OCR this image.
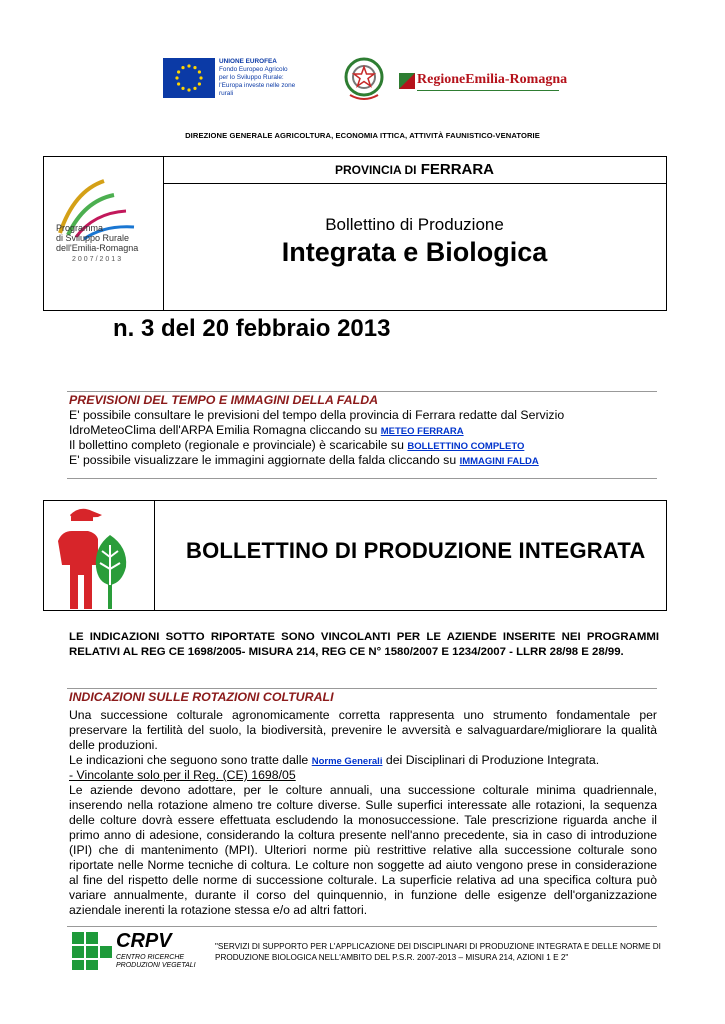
UNIONE EUROFEA
Fondo Europeo Agricolo
per lo Sviluppo Rurale:
l'Europa investe nelle zone rurali
RegioneEmilia-Romagna
DIREZIONE GENERALE AGRICOLTURA, ECONOMIA ITTICA, ATTIVITÀ FAUNISTICO-VENATORIE
Programma
di Sviluppo Rurale
dell'Emilia-Romagna
2007/2013
PROVINCIA DI FERRARA
Bollettino di Produzione
Integrata e Biologica
n. 3 del 20 febbraio 2013
PREVISIONI DEL TEMPO E IMMAGINI DELLA FALDA
E' possibile consultare le previsioni del tempo della provincia di Ferrara redatte dal Servizio
IdroMeteoClima dell'ARPA Emilia Romagna cliccando su METEO FERRARA
Il bollettino completo (regionale e provinciale) è scaricabile su BOLLETTINO COMPLETO
E' possibile visualizzare le immagini aggiornate della falda cliccando su IMMAGINI FALDA
BOLLETTINO DI PRODUZIONE INTEGRATA
LE INDICAZIONI SOTTO RIPORTATE SONO VINCOLANTI PER LE AZIENDE INSERITE NEI PROGRAMMI RELATIVI AL REG CE 1698/2005- MISURA 214, REG CE N° 1580/2007 E 1234/2007 - LLRR 28/98 E 28/99.
INDICAZIONI SULLE ROTAZIONI COLTURALI
Una successione colturale agronomicamente corretta rappresenta uno strumento fondamentale per preservare la fertilità del suolo, la biodiversità, prevenire le avversità e salvaguardare/migliorare la qualità delle produzioni.
Le indicazioni che seguono sono tratte dalle Norme Generali dei Disciplinari di Produzione Integrata.
- Vincolante solo per il Reg. (CE) 1698/05
Le aziende devono adottare, per le colture annuali, una successione colturale minima quadriennale, inserendo nella rotazione almeno tre colture diverse. Sulle superfici interessate alle rotazioni, la sequenza delle colture dovrà essere effettuata escludendo la monosuccessione. Tale prescrizione riguarda anche il primo anno di adesione, considerando la coltura presente nell'anno precedente, sia in caso di introduzione (IPI) che di mantenimento (MPI). Ulteriori norme più restrittive relative alla successione colturale sono riportate nelle Norme tecniche di coltura. Le colture non soggette ad aiuto vengono prese in considerazione al fine del rispetto delle norme di successione colturale. La superficie relativa ad una specifica coltura può variare annualmente, durante il corso del quinquennio, in funzione delle esigenze dell'organizzazione aziendale inerenti la rotazione stessa e/o ad altri fattori.
CRPV
CENTRO RICERCHE
PRODUZIONI VEGETALI
"SERVIZI DI SUPPORTO PER L'APPLICAZIONE DEI DISCIPLINARI DI PRODUZIONE INTEGRATA E DELLE NORME DI PRODUZIONE BIOLOGICA NELL'AMBITO DEL P.S.R. 2007-2013 – MISURA 214, AZIONI 1 E 2"
